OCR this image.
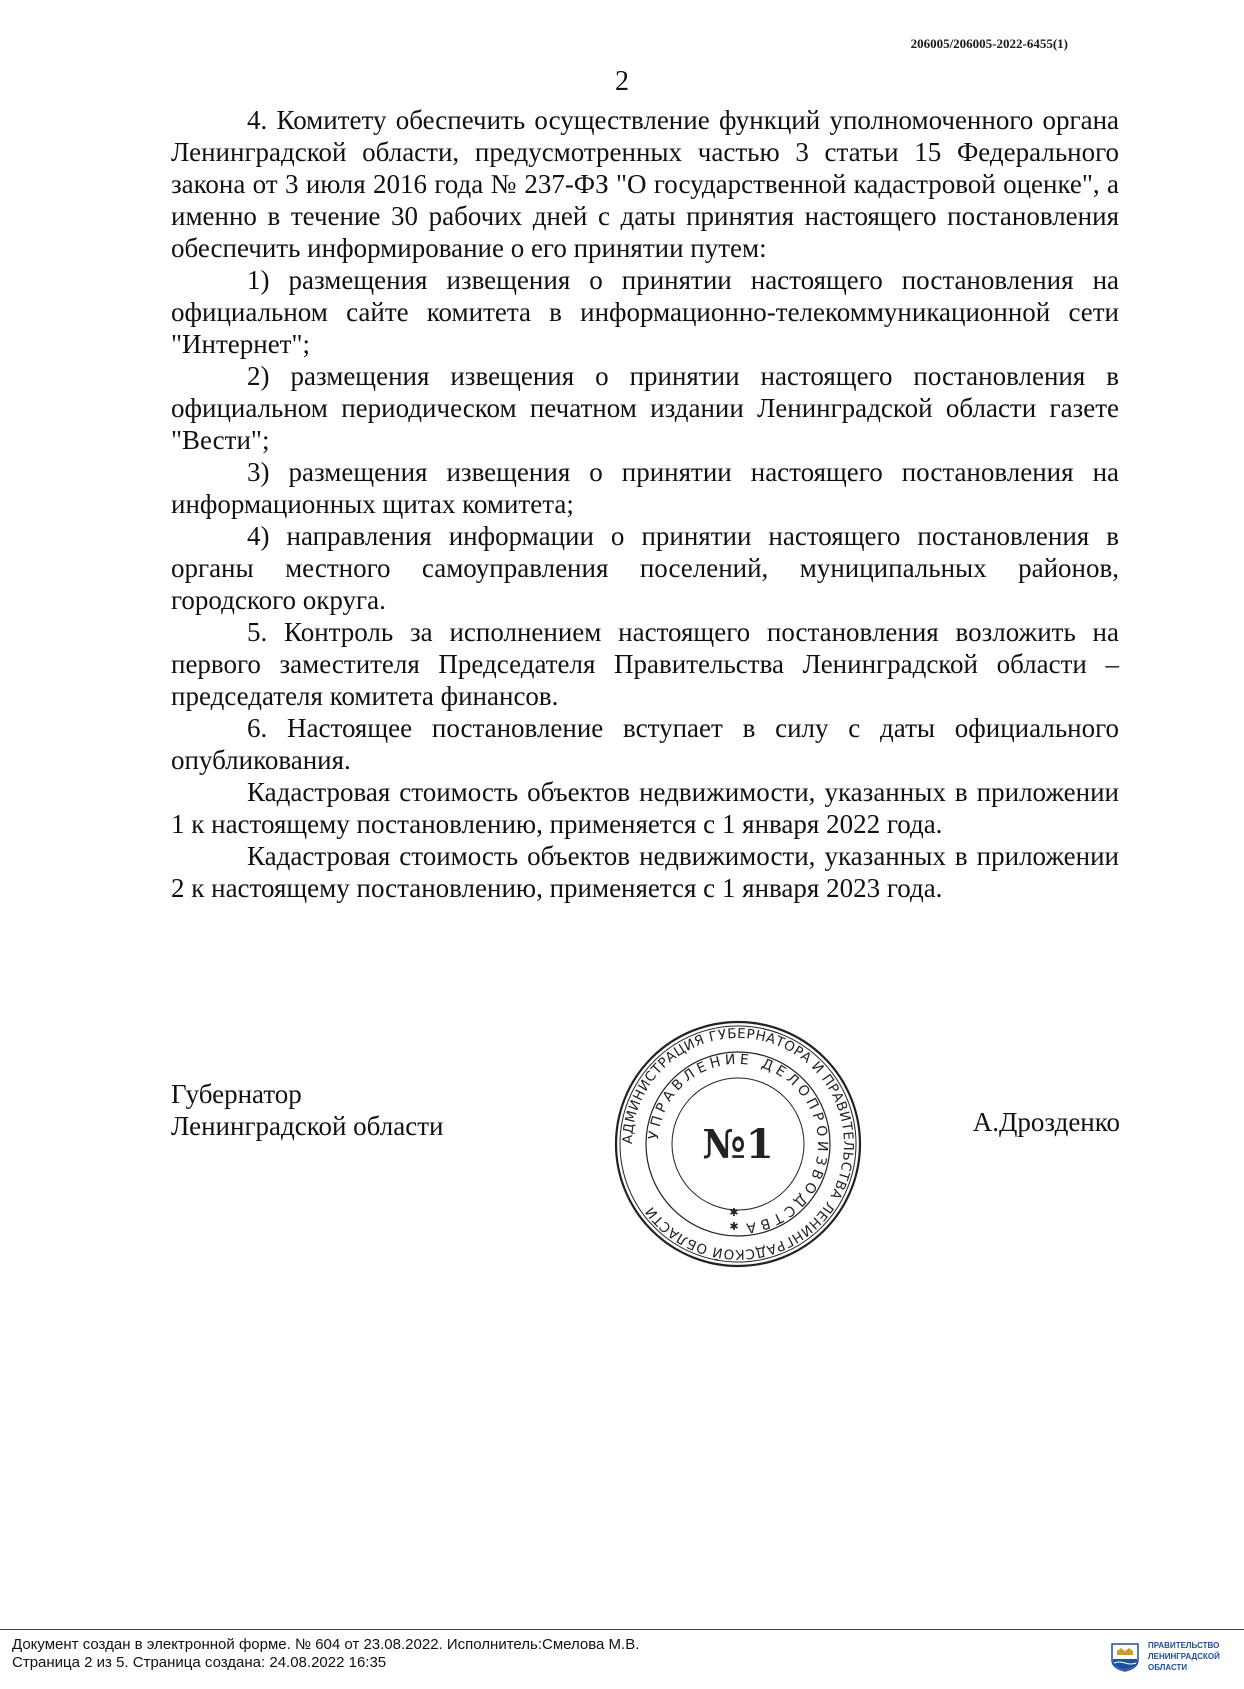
206005/206005-2022-6455(1)
2

4. Комитету обеспечить осуществление функций уполномоченного органа Ленинградской области, предусмотренных частью 3 статьи 15 Федерального закона от 3 июля 2016 года № 237-ФЗ "О государственной кадастровой оценке", а именно в течение 30 рабочих дней с даты принятия настоящего постановления обеспечить информирование о его принятии путем:

1) размещения извещения о принятии настоящего постановления на официальном сайте комитета в информационно-телекоммуникационной сети "Интернет";

2) размещения извещения о принятии настоящего постановления в официальном периодическом печатном издании Ленинградской области газете "Вести";

3) размещения извещения о принятии настоящего постановления на информационных щитах комитета;

4) направления информации о принятии настоящего постановления в органы местного самоуправления поселений, муниципальных районов, городского округа.

5. Контроль за исполнением настоящего постановления возложить на первого заместителя Председателя Правительства Ленинградской области – председателя комитета финансов.

6. Настоящее постановление вступает в силу с даты официального опубликования.

Кадастровая стоимость объектов недвижимости, указанных в приложении 1 к настоящему постановлению, применяется с 1 января 2022 года.

Кадастровая стоимость объектов недвижимости, указанных в приложении 2 к настоящему постановлению, применяется с 1 января 2023 года.

Губернатор
Ленинградской области	АДМИНИСТРАЦИЯ ГУБЕРНАТОРА И ПРАВИТЕЛЬСТВА ЛЕНИНГРАДСКОЙ ОБЛАСТИ
УПРАВЛЕНИЕ ДЕЛОПРОИЗВОДСТВА
№1
✱
✱
А.Дрозденко
Документ создан в электронной форме. № 604 от 23.08.2022. Исполнитель:Смелова М.В.
Страница 2 из 5. Страница создана: 24.08.2022 16:35
ПРАВИТЕЛЬСТВО
ЛЕНИНГРАДСКОЙ
ОБЛАСТИ
